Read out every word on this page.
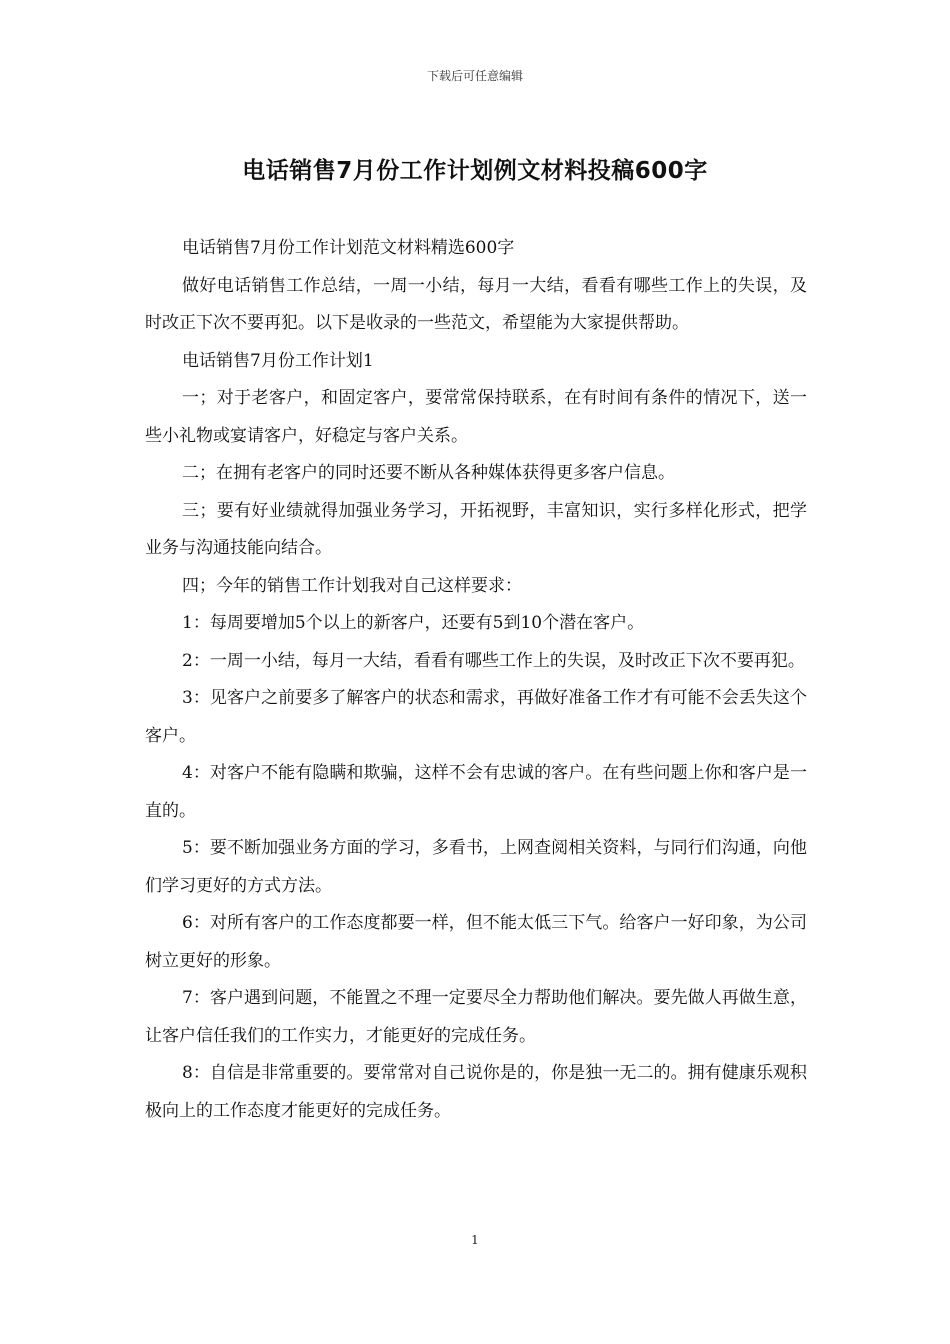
下载后可任意编辑
电话销售7月份工作计划例文材料投稿600字

电话销售7月份工作计划范文材料精选600字

做好电话销售工作总结，一周一小结，每月一大结，看看有哪些工作上的失误，及时改正下次不要再犯。以下是收录的一些范文，希望能为大家提供帮助。

电话销售7月份工作计划1

一；对于老客户，和固定客户，要常常保持联系，在有时间有条件的情况下，送一些小礼物或宴请客户，好稳定与客户关系。

二；在拥有老客户的同时还要不断从各种媒体获得更多客户信息。

三；要有好业绩就得加强业务学习，开拓视野，丰富知识，实行多样化形式，把学业务与沟通技能向结合。

四；今年的销售工作计划我对自己这样要求：

1：每周要增加5个以上的新客户，还要有5到10个潜在客户。

2：一周一小结，每月一大结，看看有哪些工作上的失误，及时改正下次不要再犯。

3：见客户之前要多了解客户的状态和需求，再做好准备工作才有可能不会丢失这个客户。

4：对客户不能有隐瞒和欺骗，这样不会有忠诚的客户。在有些问题上你和客户是一直的。

5：要不断加强业务方面的学习，多看书，上网查阅相关资料，与同行们沟通，向他们学习更好的方式方法。

6：对所有客户的工作态度都要一样，但不能太低三下气。给客户一好印象，为公司树立更好的形象。

7：客户遇到问题，不能置之不理一定要尽全力帮助他们解决。要先做人再做生意，让客户信任我们的工作实力，才能更好的完成任务。

8：自信是非常重要的。要常常对自己说你是的，你是独一无二的。拥有健康乐观积极向上的工作态度才能更好的完成任务。

1
